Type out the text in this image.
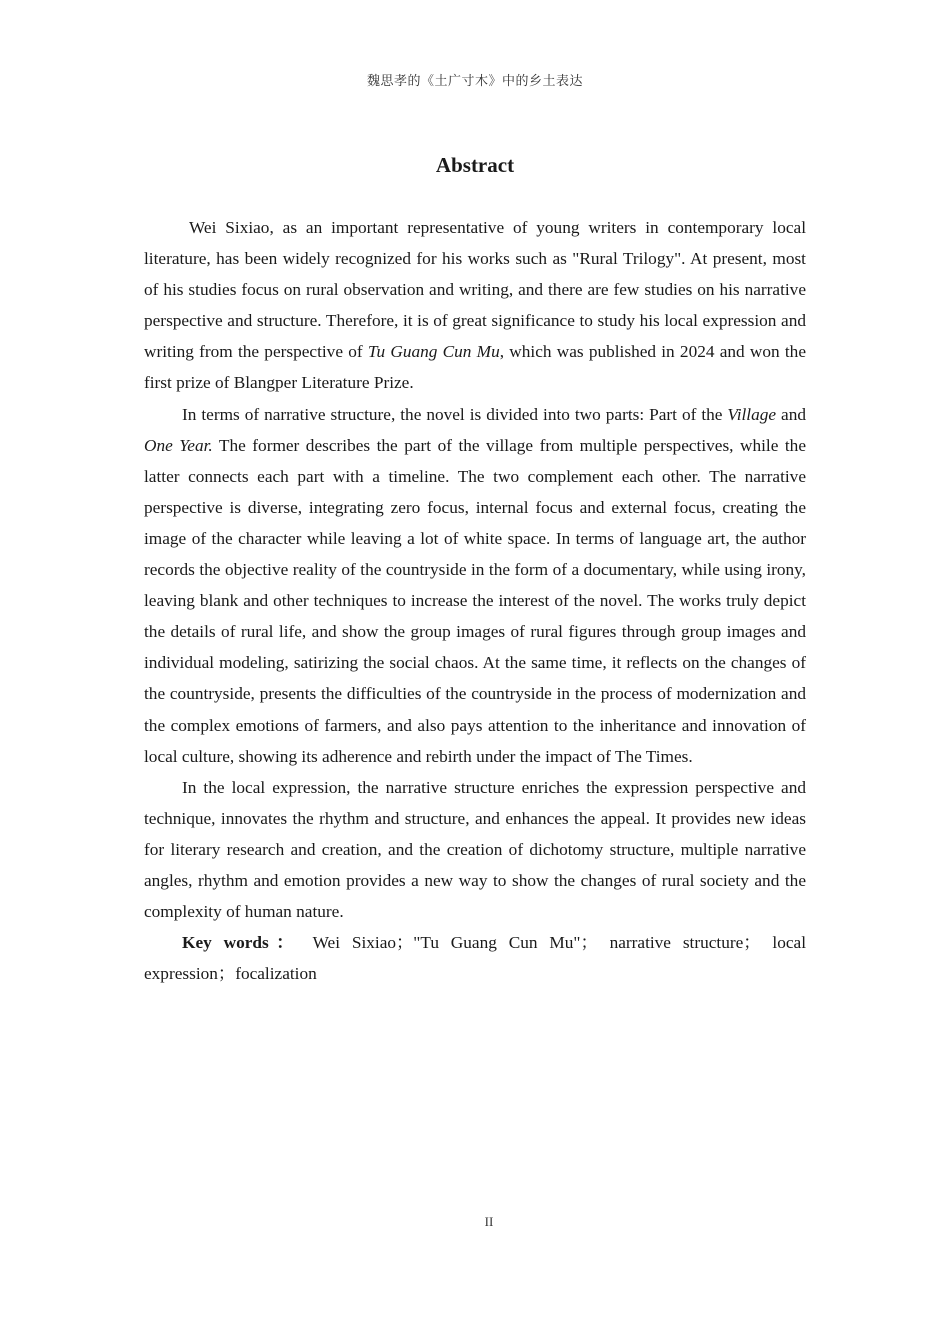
魏思孝的《土广寸木》中的乡土表达
Abstract

Wei Sixiao, as an important representative of young writers in contemporary local literature, has been widely recognized for his works such as "Rural Trilogy". At present, most of his studies focus on rural observation and writing, and there are few studies on his narrative perspective and structure. Therefore, it is of great significance to study his local expression and writing from the perspective of Tu Guang Cun Mu, which was published in 2024 and won the first prize of Blangper Literature Prize.

In terms of narrative structure, the novel is divided into two parts: Part of the Village and One Year. The former describes the part of the village from multiple perspectives, while the latter connects each part with a timeline. The two complement each other. The narrative perspective is diverse, integrating zero focus, internal focus and external focus, creating the image of the character while leaving a lot of white space. In terms of language art, the author records the objective reality of the countryside in the form of a documentary, while using irony, leaving blank and other techniques to increase the interest of the novel. The works truly depict the details of rural life, and show the group images of rural figures through group images and individual modeling, satirizing the social chaos. At the same time, it reflects on the changes of the countryside, presents the difficulties of the countryside in the process of modernization and the complex emotions of farmers, and also pays attention to the inheritance and innovation of local culture, showing its adherence and rebirth under the impact of The Times.

In the local expression, the narrative structure enriches the expression perspective and technique, innovates the rhythm and structure, and enhances the appeal. It provides new ideas for literary research and creation, and the creation of dichotomy structure, multiple narrative angles, rhythm and emotion provides a new way to show the changes of rural society and the complexity of human nature.

Key words： Wei Sixiao；"Tu Guang Cun Mu"； narrative structure； local expression；focalization

II
